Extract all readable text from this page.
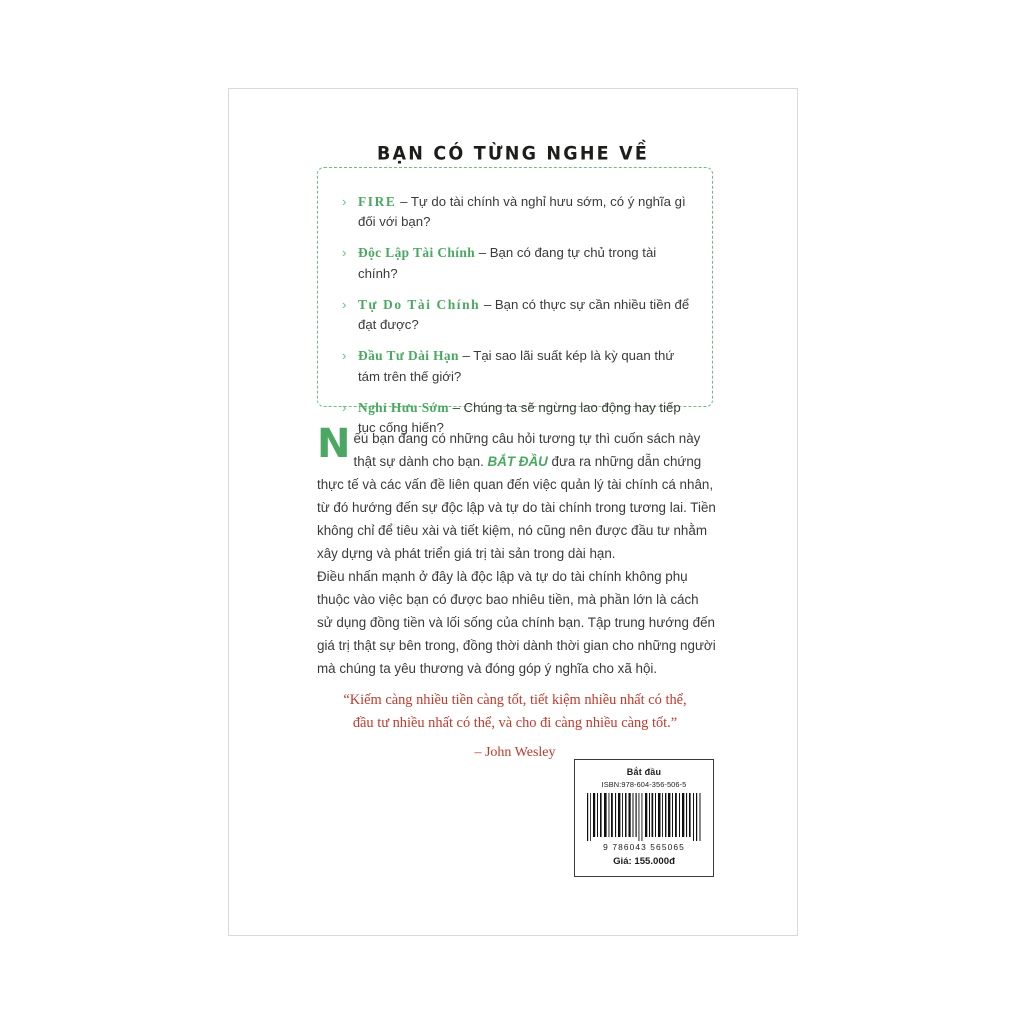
BẠN CÓ TỪNG NGHE VỀ
› FIRE – Tự do tài chính và nghỉ hưu sớm, có ý nghĩa gì đối với bạn?
› Độc Lập Tài Chính – Bạn có đang tự chủ trong tài chính?
› Tự Do Tài Chính – Bạn có thực sự cần nhiều tiền để đạt được?
› Đầu Tư Dài Hạn – Tại sao lãi suất kép là kỳ quan thứ tám trên thế giới?
› Nghỉ Hưu Sớm – Chúng ta sẽ ngừng lao động hay tiếp tục cống hiến?

Nếu bạn đang có những câu hỏi tương tự thì cuốn sách này thật sự dành cho bạn. BẮT ĐẦU đưa ra những dẫn chứng thực tế và các vấn đề liên quan đến việc quản lý tài chính cá nhân, từ đó hướng đến sự độc lập và tự do tài chính trong tương lai. Tiền không chỉ để tiêu xài và tiết kiệm, nó cũng nên được đầu tư nhằm xây dựng và phát triển giá trị tài sản trong dài hạn.

Điều nhấn mạnh ở đây là độc lập và tự do tài chính không phụ thuộc vào việc bạn có được bao nhiêu tiền, mà phần lớn là cách sử dụng đồng tiền và lối sống của chính bạn. Tập trung hướng đến giá trị thật sự bên trong, đồng thời dành thời gian cho những người mà chúng ta yêu thương và đóng góp ý nghĩa cho xã hội.

“Kiếm càng nhiều tiền càng tốt, tiết kiệm nhiều nhất có thể,
đầu tư nhiều nhất có thể, và cho đi càng nhiều càng tốt.”
– John Wesley
Bắt đầu
ISBN:978-604-356-506-5
9 786043 565065
Giá: 155.000đ
